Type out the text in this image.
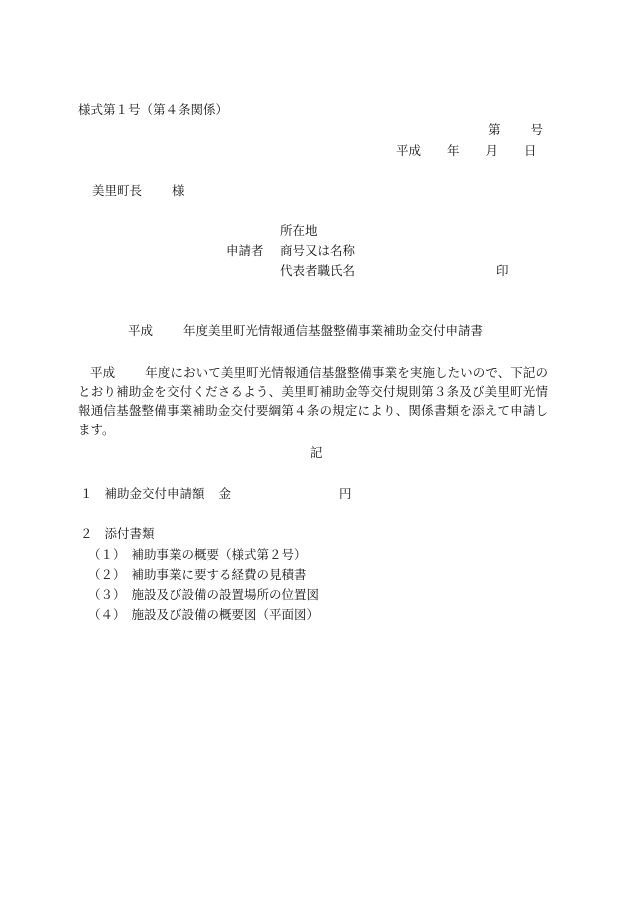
様式第１号（第４条関係）
第 号
平成 年 月 日
美里町長 様
所在地
申請者 商号又は名称
代表者職氏名	印
平成 年度美里町光情報通信基盤整備事業補助金交付申請書
平成 年度において美里町光情報通信基盤整備事業を実施したいので、下記のとおり補助金を交付くださるよう、美里町補助金等交付規則第３条及び美里町光情報通信基盤整備事業補助金交付要綱第４条の規定により、関係書類を添えて申請します。
記
１ 補助金交付申請額 金	円
２ 添付書類
（１） 補助事業の概要（様式第２号）
（２） 補助事業に要する経費の見積書
（３） 施設及び設備の設置場所の位置図
（４） 施設及び設備の概要図（平面図）
